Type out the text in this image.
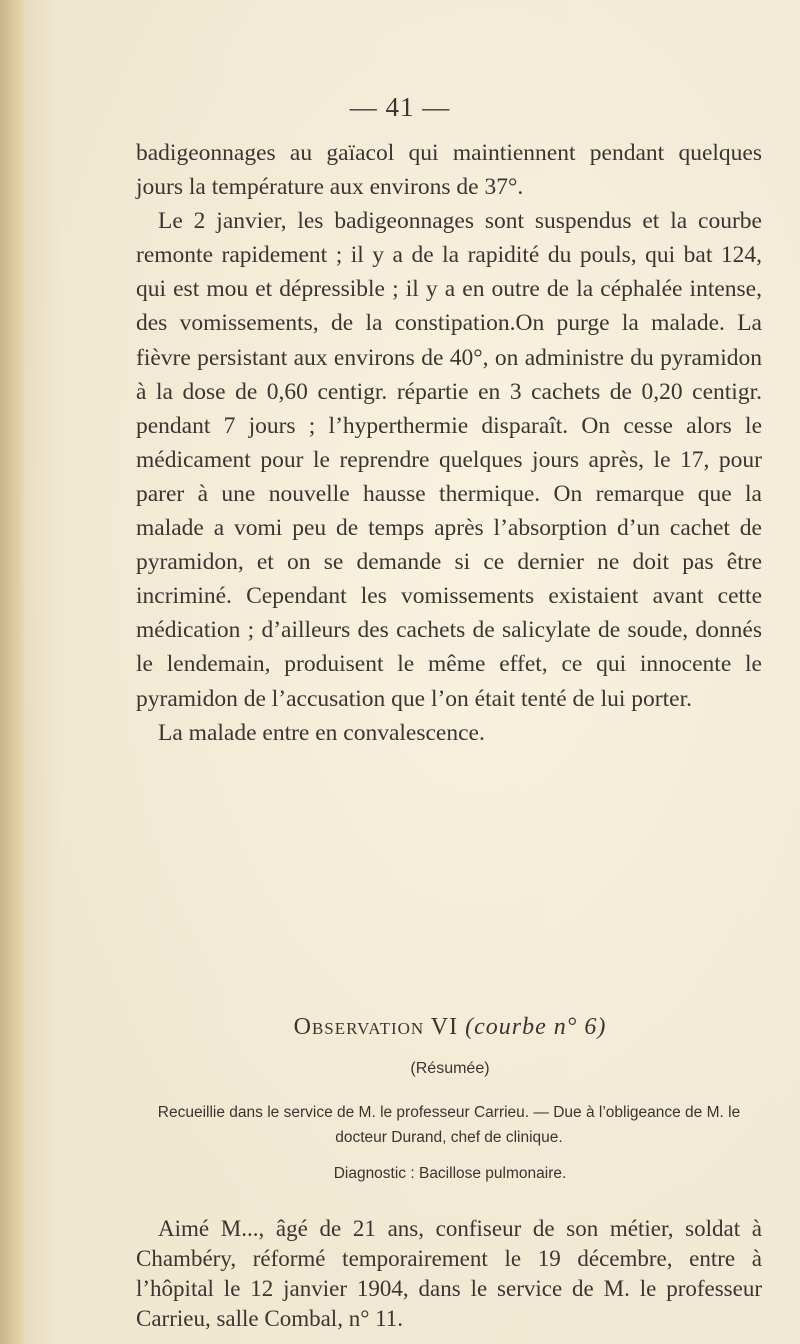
— 41 —

badigeonnages au gaïacol qui maintiennent pendant quelques jours la température aux environs de 37°.

Le 2 janvier, les badigeonnages sont suspendus et la courbe remonte rapidement ; il y a de la rapidité du pouls, qui bat 124, qui est mou et dépressible ; il y a en outre de la céphalée intense, des vomissements, de la constipation.On purge la malade. La fièvre persistant aux environs de 40°, on administre du pyramidon à la dose de 0,60 centigr. répartie en 3 cachets de 0,20 centigr. pendant 7 jours ; l’hyperthermie disparaît. On cesse alors le médicament pour le reprendre quelques jours après, le 17, pour parer à une nouvelle hausse thermique. On remarque que la malade a vomi peu de temps après l’absorption d’un cachet de pyramidon, et on se demande si ce dernier ne doit pas être incriminé. Cependant les vomissements existaient avant cette médication ; d’ailleurs des cachets de salicylate de soude, donnés le lendemain, produisent le même effet, ce qui innocente le pyramidon de l’accusation que l’on était tenté de lui porter.

La malade entre en convalescence.

Observation VI (courbe n° 6)
(Résumée)
Recueillie dans le service de M. le professeur Carrieu. — Due à l’obligeance de M. le docteur Durand, chef de clinique.
Diagnostic : Bacillose pulmonaire.

Aimé M..., âgé de 21 ans, confiseur de son métier, soldat à Chambéry, réformé temporairement le 19 décembre, entre à l’hôpital le 12 janvier 1904, dans le service de M. le professeur Carrieu, salle Combal, n° 11.
